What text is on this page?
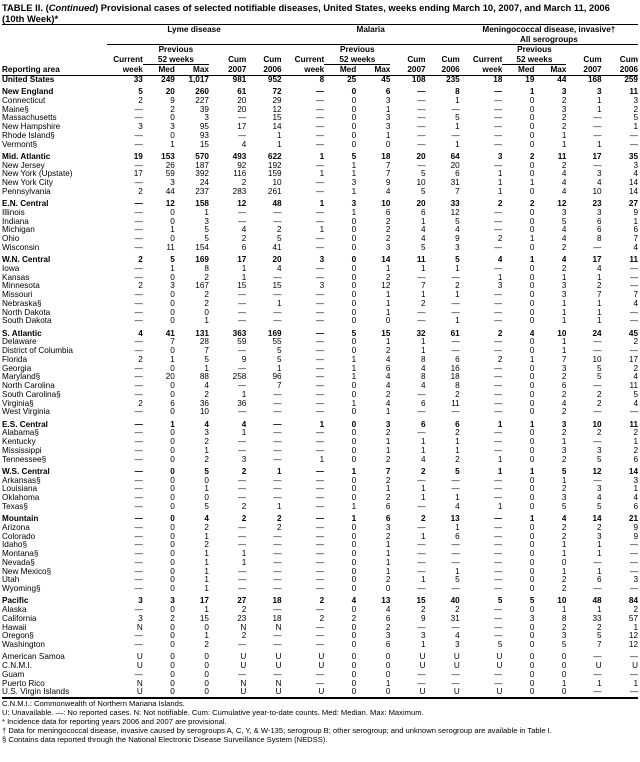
TABLE II. (Continued) Provisional cases of selected notifiable diseases, United States, weeks ending March 10, 2007, and March 11, 2006
(10th Week)*
	Lyme disease					Malaria					Meningococcal disease, invasive†				
											All serogroups				
		Previous					Previous					Previous			
	Current	52 weeks		Cum	Cum	Current	52 weeks		Cum	Cum	Current	52 weeks		Cum	Cum
Reporting area	week	Med	Max	2007	2006	week	Med	Max	2007	2006	week	Med	Max	2007	2006
United States	33	249	1,017	981	952	8	25	45	108	235	18	19	44	168	259

New England	5	20	260	61	72	—	0	6	—	8	—	1	3	3	11
Connecticut	2	9	227	20	29	—	0	3	—	1	—	0	2	1	3
Maine§	—	2	39	20	12	—	0	1	—	—	—	0	3	1	2
Massachusetts	—	0	3	—	15	—	0	3	—	5	—	0	2	—	5
New Hampshire	3	3	95	17	14	—	0	3	—	1	—	0	2	—	1
Rhode Island§	—	0	93	—	1	—	0	1	—	—	—	0	1	—	—
Vermont§	—	1	15	4	1	—	0	0	—	1	—	0	1	1	—

Mid. Atlantic	19	153	570	493	622	1	5	18	20	64	3	2	11	17	35
New Jersey	—	26	187	92	192	—	1	7	—	20	—	0	2	—	3
New York (Upstate)	17	59	392	116	159	1	1	7	5	6	1	0	4	3	4
New York City	—	3	24	2	10	—	3	9	10	31	1	1	4	4	14
Pennsylvania	2	44	237	283	261	—	1	4	5	7	1	0	4	10	14

E.N. Central	—	12	158	12	48	1	3	10	20	33	2	2	12	23	27
Illinois	—	0	1	—	—	—	1	6	6	12	—	0	3	3	9
Indiana	—	0	3	—	—	—	0	2	1	5	—	0	5	6	1
Michigan	—	1	5	4	2	1	0	2	4	4	—	0	4	6	6
Ohio	—	0	5	2	5	—	0	2	4	9	2	1	4	8	7
Wisconsin	—	11	154	6	41	—	0	3	5	3	—	0	2	—	4

W.N. Central	2	5	169	17	20	3	0	14	11	5	4	1	4	17	11
Iowa	—	1	8	1	4	—	0	1	1	1	—	0	2	4	—
Kansas	—	0	2	1	—	—	0	2	—	—	1	0	1	1	—
Minnesota	2	3	167	15	15	3	0	12	7	2	3	0	3	2	—
Missouri	—	0	2	—	—	—	0	1	1	1	—	0	3	7	7
Nebraska§	—	0	2	—	1	—	0	1	2	—	—	0	1	1	4
North Dakota	—	0	0	—	—	—	0	1	—	—	—	0	1	1	—
South Dakota	—	0	1	—	—	—	0	0	—	1	—	0	1	1	—

S. Atlantic	4	41	131	363	169	—	5	15	32	61	2	4	10	24	45
Delaware	—	7	28	59	55	—	0	1	1	—	—	0	1	—	2
District of Columbia	—	0	7	—	5	—	0	2	1	—	—	0	1	—	—
Florida	2	1	5	9	5	—	1	4	8	6	2	1	7	10	17
Georgia	—	0	1	—	1	—	1	6	4	16	—	0	3	5	2
Maryland§	—	20	88	258	96	—	1	4	8	18	—	0	2	5	4
North Carolina	—	0	4	—	7	—	0	4	4	8	—	0	6	—	11
South Carolina§	—	0	2	1	—	—	0	2	—	2	—	0	2	2	5
Virginia§	2	6	36	36	—	—	1	4	6	11	—	0	4	2	4
West Virginia	—	0	10	—	—	—	0	1	—	—	—	0	2	—	—

E.S. Central	—	1	4	4	—	1	0	3	6	6	1	1	3	10	11
Alabama§	—	0	3	1	—	—	0	2	—	2	—	0	2	2	2
Kentucky	—	0	2	—	—	—	0	1	1	1	—	0	1	—	1
Mississippi	—	0	1	—	—	—	0	1	1	1	—	0	3	3	2
Tennessee§	—	0	2	3	—	1	0	2	4	2	1	0	2	5	6

W.S. Central	—	0	5	2	1	—	1	7	2	5	1	1	5	12	14
Arkansas§	—	0	0	—	—	—	0	2	—	—	—	0	1	—	3
Louisiana	—	0	1	—	—	—	0	1	1	—	—	0	2	3	1
Oklahoma	—	0	0	—	—	—	0	2	1	1	—	0	3	4	4
Texas§	—	0	5	2	1	—	1	6	—	4	1	0	5	5	6

Mountain	—	0	4	2	2	—	1	6	2	13	—	1	4	14	21
Arizona	—	0	2	—	2	—	0	3	—	1	—	0	2	2	9
Colorado	—	0	1	—	—	—	0	2	1	6	—	0	2	3	9
Idaho§	—	0	2	—	—	—	0	1	—	—	—	0	1	1	—
Montana§	—	0	1	1	—	—	0	1	—	—	—	0	1	1	—
Nevada§	—	0	1	1	—	—	0	1	—	—	—	0	0	—	—
New Mexico§	—	0	1	—	—	—	0	1	—	1	—	0	1	1	—
Utah	—	0	1	—	—	—	0	2	1	5	—	0	2	6	3
Wyoming§	—	0	1	—	—	—	0	0	—	—	—	0	2	—	—

Pacific	3	3	17	27	18	2	4	13	15	40	5	5	10	48	84
Alaska	—	0	1	2	—	—	0	4	2	2	—	0	1	1	2
California	3	2	15	23	18	2	2	6	9	31	—	3	8	33	57
Hawaii	N	0	0	N	N	—	0	2	—	—	—	0	2	2	1
Oregon§	—	0	1	2	—	—	0	3	3	4	—	0	3	5	12
Washington	—	0	2	—	—	—	0	6	1	3	5	0	5	7	12

American Samoa	U	0	0	U	U	U	0	0	U	U	U	0	0	—	—
C.N.M.I.	U	0	0	U	U	U	0	0	U	U	U	0	0	U	U
Guam	—	0	0	—	—	—	0	0	—	—	—	0	0	—	—
Puerto Rico	N	0	0	N	N	—	0	1	—	—	—	0	1	1	1
U.S. Virgin Islands	U	0	0	U	U	U	0	0	U	U	U	0	0	—	—
C.N.M.I.: Commonwealth of Northern Mariana Islands.
U: Unavailable. —: No reported cases. N: Not notifiable. Cum: Cumulative year-to-date counts. Med: Median. Max: Maximum.
* Incidence data for reporting years 2006 and 2007 are provisional.
† Data for meningococcal disease, invasive caused by serogroups A, C, Y, & W-135; serogroup B; other serogroup; and unknown serogroup are available in Table I.
§ Contains data reported through the National Electronic Disease Surveillance System (NEDSS).
